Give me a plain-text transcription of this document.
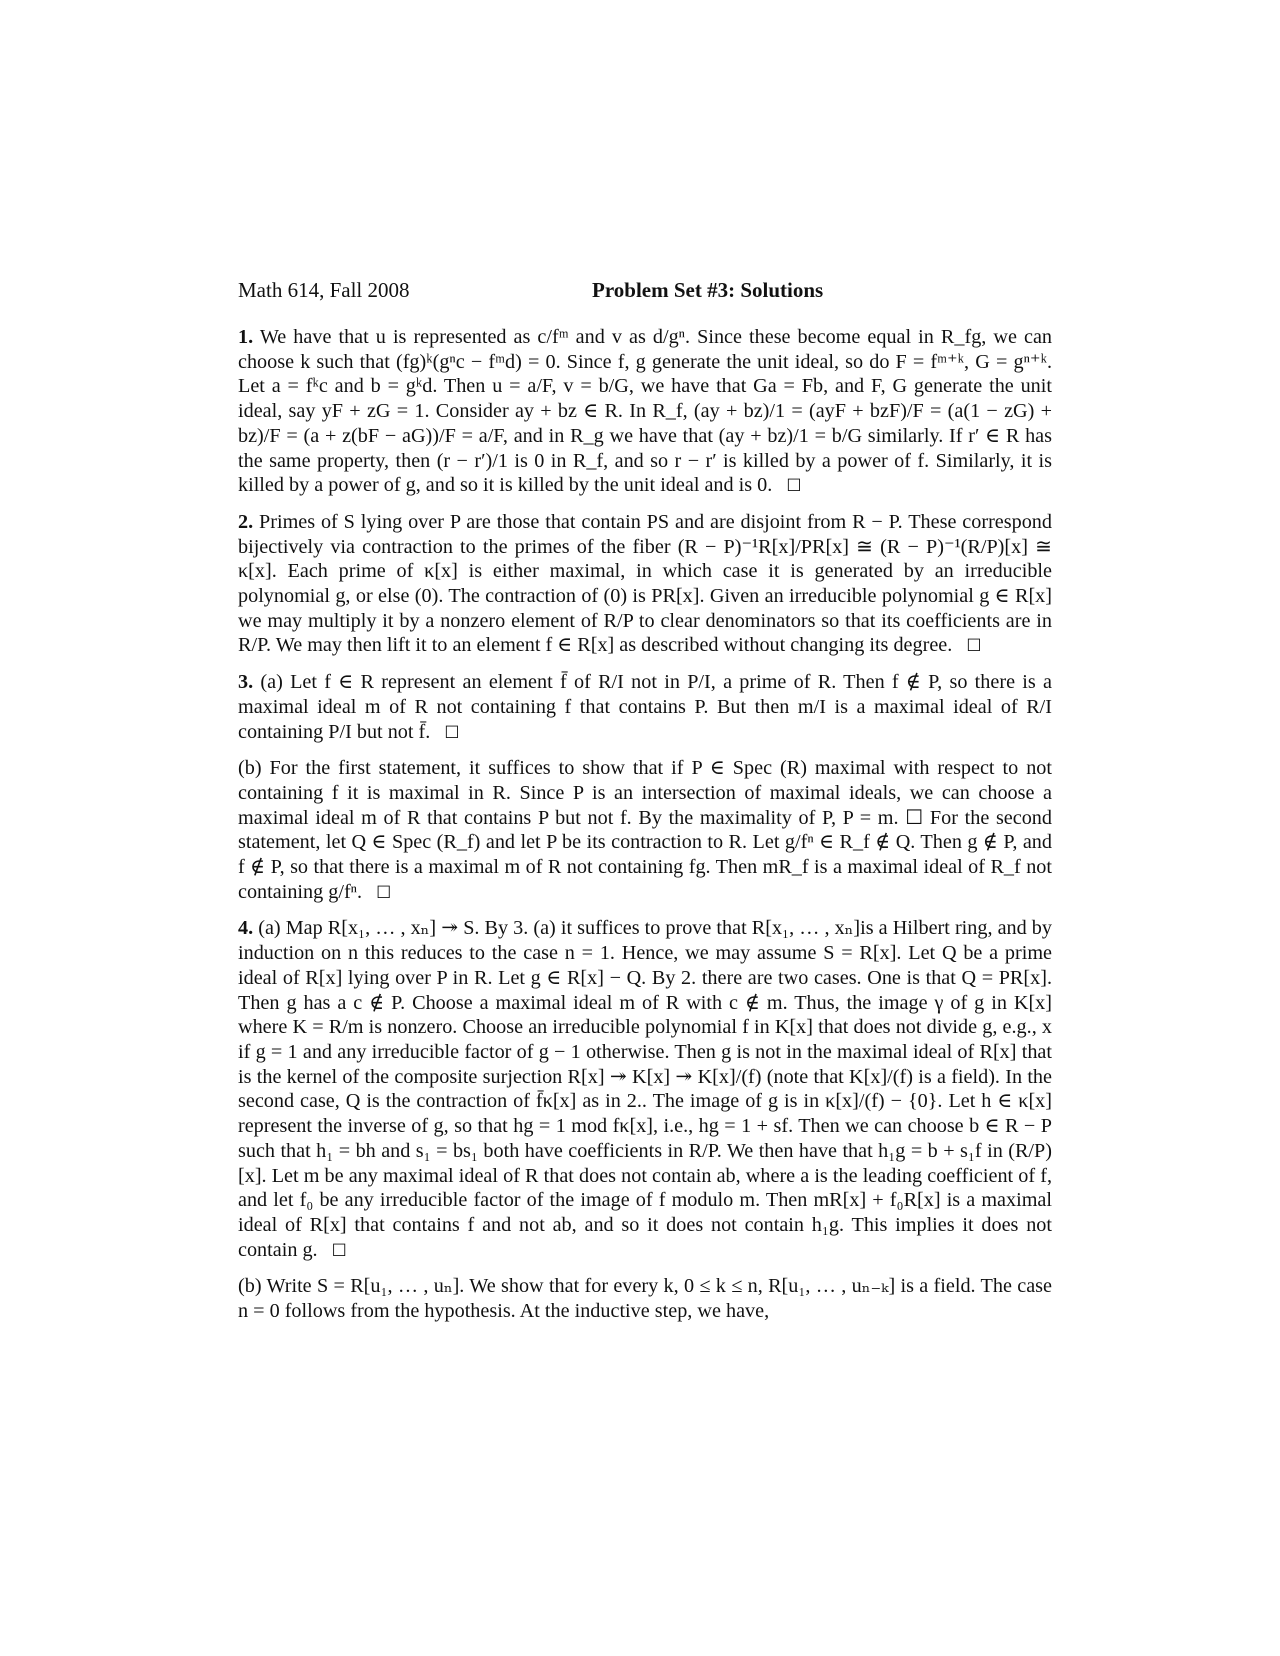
Math 614, Fall 2008	Problem Set #3: Solutions

1. We have that u is represented as c/fᵐ and v as d/gⁿ. Since these become equal in R_fg, we can choose k such that (fg)ᵏ(gⁿc − fᵐd) = 0. Since f, g generate the unit ideal, so do F = fᵐ⁺ᵏ, G = gⁿ⁺ᵏ. Let a = fᵏc and b = gᵏd. Then u = a/F, v = b/G, we have that Ga = Fb, and F, G generate the unit ideal, say yF + zG = 1. Consider ay + bz ∈ R. In R_f, (ay + bz)/1 = (ayF + bzF)/F = (a(1 − zG) + bz)/F = (a + z(bF − aG))/F = a/F, and in R_g we have that (ay + bz)/1 = b/G similarly. If r′ ∈ R has the same property, then (r − r′)/1 is 0 in R_f, and so r − r′ is killed by a power of f. Similarly, it is killed by a power of g, and so it is killed by the unit ideal and is 0. ☐

2. Primes of S lying over P are those that contain PS and are disjoint from R − P. These correspond bijectively via contraction to the primes of the fiber (R − P)⁻¹R[x]/PR[x] ≅ (R − P)⁻¹(R/P)[x] ≅ κ[x]. Each prime of κ[x] is either maximal, in which case it is generated by an irreducible polynomial g, or else (0). The contraction of (0) is PR[x]. Given an irreducible polynomial g ∈ R[x] we may multiply it by a nonzero element of R/P to clear denominators so that its coefficients are in R/P. We may then lift it to an element f ∈ R[x] as described without changing its degree. ☐

3. (a) Let f ∈ R represent an element f̄ of R/I not in P/I, a prime of R. Then f ∉ P, so there is a maximal ideal m of R not containing f that contains P. But then m/I is a maximal ideal of R/I containing P/I but not f̄. ☐

(b) For the first statement, it suffices to show that if P ∈ Spec (R) maximal with respect to not containing f it is maximal in R. Since P is an intersection of maximal ideals, we can choose a maximal ideal m of R that contains P but not f. By the maximality of P, P = m. ☐ For the second statement, let Q ∈ Spec (R_f) and let P be its contraction to R. Let g/fⁿ ∈ R_f ∉ Q. Then g ∉ P, and f ∉ P, so that there is a maximal m of R not containing fg. Then mR_f is a maximal ideal of R_f not containing g/fⁿ. ☐

4. (a) Map R[x₁, … , xₙ] ↠ S. By 3. (a) it suffices to prove that R[x₁, … , xₙ]is a Hilbert ring, and by induction on n this reduces to the case n = 1. Hence, we may assume S = R[x]. Let Q be a prime ideal of R[x] lying over P in R. Let g ∈ R[x] − Q. By 2. there are two cases. One is that Q = PR[x]. Then g has a c ∉ P. Choose a maximal ideal m of R with c ∉ m. Thus, the image γ of g in K[x] where K = R/m is nonzero. Choose an irreducible polynomial f in K[x] that does not divide g, e.g., x if g = 1 and any irreducible factor of g − 1 otherwise. Then g is not in the maximal ideal of R[x] that is the kernel of the composite surjection R[x] ↠ K[x] ↠ K[x]/(f) (note that K[x]/(f) is a field). In the second case, Q is the contraction of f̄κ[x] as in 2.. The image of g is in κ[x]/(f) − {0}. Let h ∈ κ[x] represent the inverse of g, so that hg = 1 mod fκ[x], i.e., hg = 1 + sf. Then we can choose b ∈ R − P such that h₁ = bh and s₁ = bs₁ both have coefficients in R/P. We then have that h₁g = b + s₁f in (R/P)[x]. Let m be any maximal ideal of R that does not contain ab, where a is the leading coefficient of f, and let f₀ be any irreducible factor of the image of f modulo m. Then mR[x] + f₀R[x] is a maximal ideal of R[x] that contains f and not ab, and so it does not contain h₁g. This implies it does not contain g. ☐

(b) Write S = R[u₁, … , uₙ]. We show that for every k, 0 ≤ k ≤ n, R[u₁, … , uₙ₋ₖ] is a field. The case n = 0 follows from the hypothesis. At the inductive step, we have,
